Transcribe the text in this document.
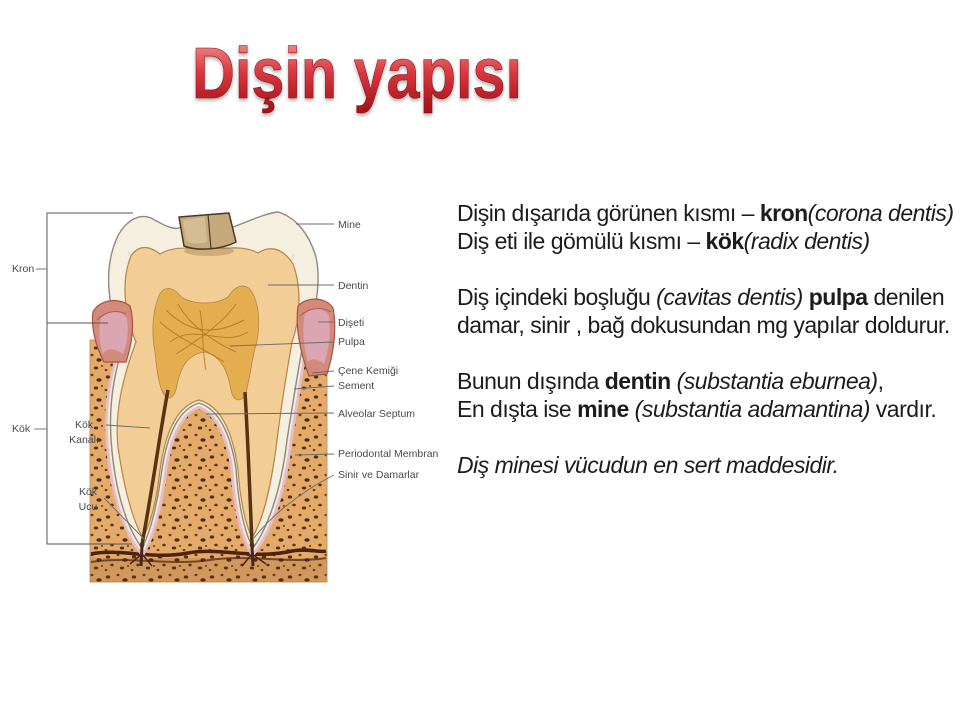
Dişin yapısı
Mine
Dentin
Dişeti
Pulpa
Çene Kemiği
Sement
Alveolar Septum
Periodontal Membran
Sinir ve Damarlar
Kron
Kök	Kök
Kanalı
Kök
Ucu

Dişin dışarıda görünen kısmı – kron(corona dentis)
Diş eti ile gömülü kısmı – kök(radix dentis)

Diş içindeki boşluğu (cavitas dentis) pulpa denilen
damar, sinir , bağ dokusundan mg yapılar doldurur.

Bunun dışında dentin (substantia eburnea),
En dışta ise mine (substantia adamantina) vardır.

Diş minesi vücudun en sert maddesidir.
